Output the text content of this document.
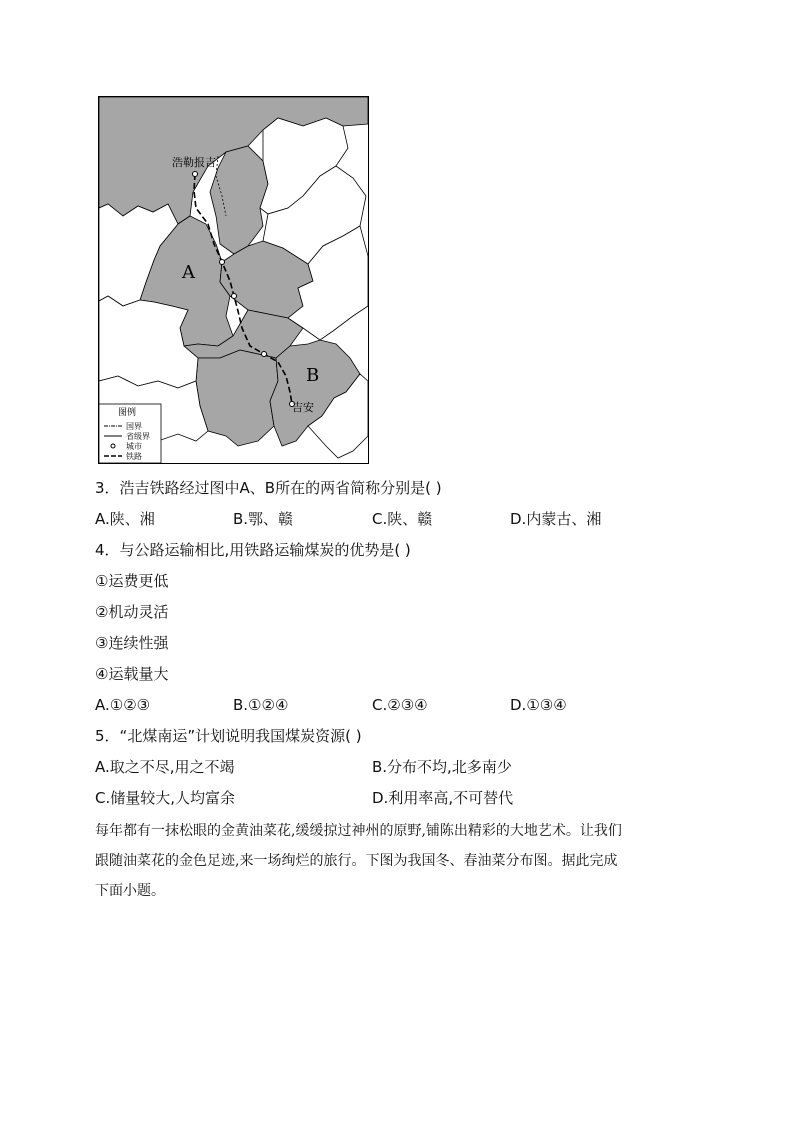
浩勒报吉
吉安
A
B
图例
国界
省级界
城市
铁路
3．浩吉铁路经过图中A、B所在的两省简称分别是( )
A.陕、湘	B.鄂、赣	C.陕、赣	D.内蒙古、湘
4．与公路运输相比,用铁路运输煤炭的优势是( )
①运费更低
②机动灵活
③连续性强
④运载量大
A.①②③	B.①②④	C.②③④	D.①③④
5．“北煤南运”计划说明我国煤炭资源( )
A.取之不尽,用之不竭	B.分布不均,北多南少
C.储量较大,人均富余	D.利用率高,不可替代
每年都有一抹松眼的金黄油菜花,缓缓掠过神州的原野,铺陈出精彩的大地艺术。让我们
跟随油菜花的金色足迹,来一场绚烂的旅行。下图为我国冬、春油菜分布图。据此完成
下面小题。
